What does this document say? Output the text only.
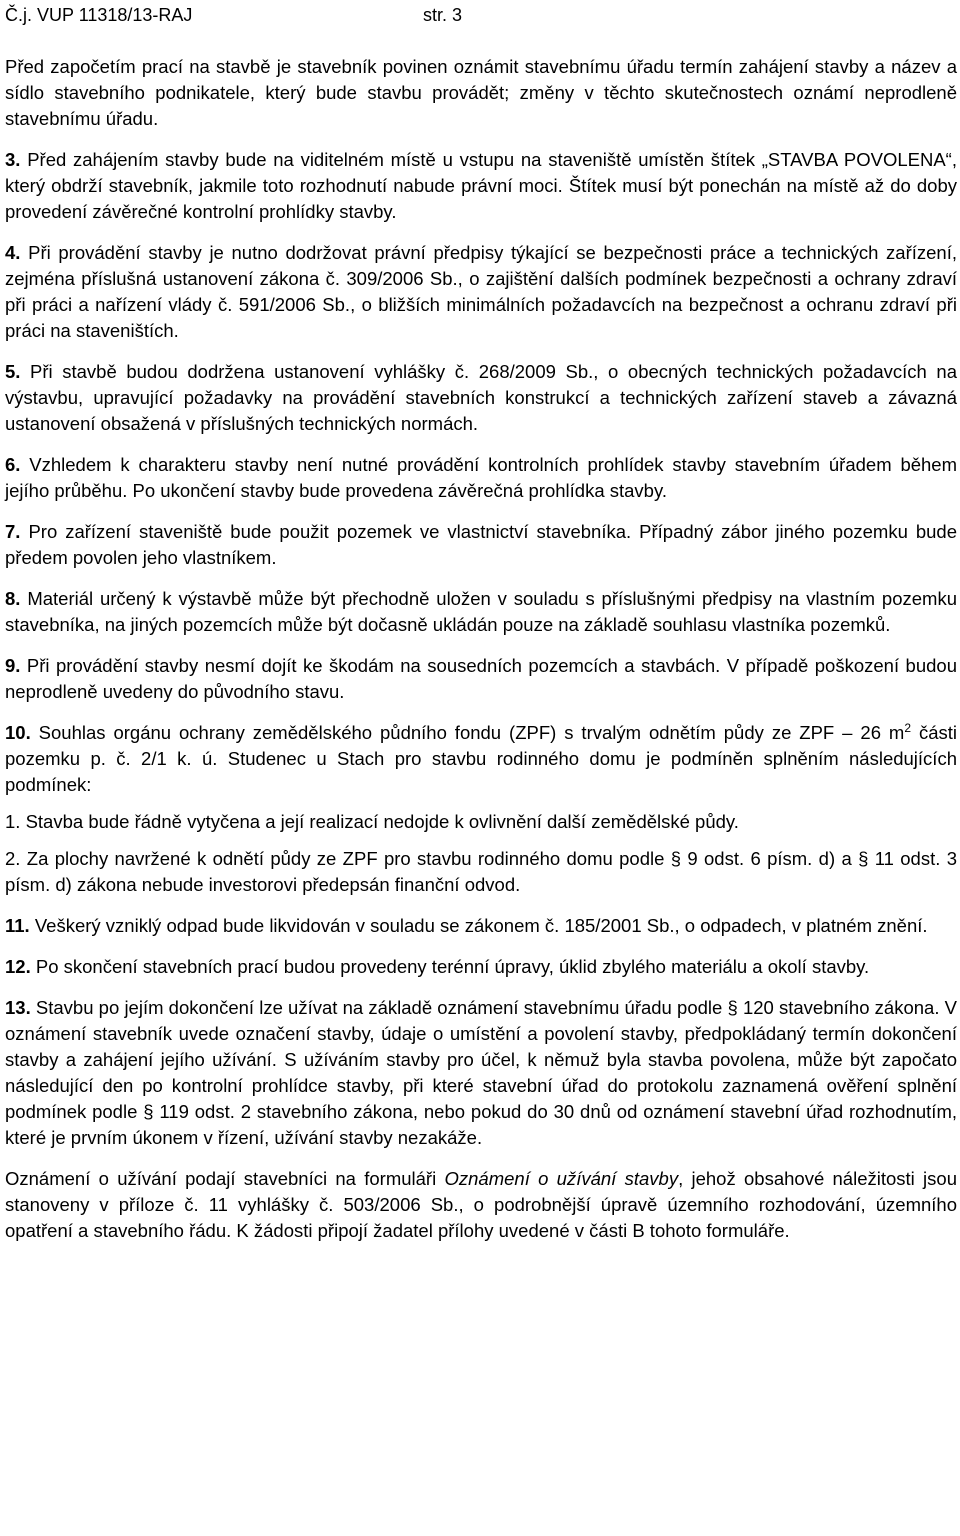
Č.j. VUP 11318/13-RAJ	str. 3

Před započetím prací na stavbě je stavebník povinen oznámit stavebnímu úřadu termín zahájení stavby a název a sídlo stavebního podnikatele, který bude stavbu provádět; změny v těchto skutečnostech oznámí neprodleně stavebnímu úřadu.

3. Před zahájením stavby bude na viditelném místě u vstupu na staveniště umístěn štítek „STAVBA POVOLENA“, který obdrží stavebník, jakmile toto rozhodnutí nabude právní moci. Štítek musí být ponechán na místě až do doby provedení závěrečné kontrolní prohlídky stavby.

4. Při provádění stavby je nutno dodržovat právní předpisy týkající se bezpečnosti práce a technických zařízení, zejména příslušná ustanovení zákona č. 309/2006 Sb., o zajištění dalších podmínek bezpečnosti a ochrany zdraví při práci a nařízení vlády č. 591/2006 Sb., o bližších minimálních požadavcích na bezpečnost a ochranu zdraví při práci na staveništích.

5. Při stavbě budou dodržena ustanovení vyhlášky č. 268/2009 Sb., o obecných technických požadavcích na výstavbu, upravující požadavky na provádění stavebních konstrukcí a technických zařízení staveb a závazná ustanovení obsažená v příslušných technických normách.

6. Vzhledem k charakteru stavby není nutné provádění kontrolních prohlídek stavby stavebním úřadem během jejího průběhu. Po ukončení stavby bude provedena závěrečná prohlídka stavby.

7. Pro zařízení staveniště bude použit pozemek ve vlastnictví stavebníka. Případný zábor jiného pozemku bude předem povolen jeho vlastníkem.

8. Materiál určený k výstavbě může být přechodně uložen v souladu s příslušnými předpisy na vlastním pozemku stavebníka, na jiných pozemcích může být dočasně ukládán pouze na základě souhlasu vlastníka pozemků.

9. Při provádění stavby nesmí dojít ke škodám na sousedních pozemcích a stavbách. V případě poškození budou neprodleně uvedeny do původního stavu.

10. Souhlas orgánu ochrany zemědělského půdního fondu (ZPF) s trvalým odnětím půdy ze ZPF – 26 $m^2$ části pozemku p. č. 2/1 k. ú. Studenec u Stach pro stavbu rodinného domu je podmíněn splněním následujících podmínek:

1. Stavba bude řádně vytyčena a její realizací nedojde k ovlivnění další zemědělské půdy.

2. Za plochy navržené k odnětí půdy ze ZPF pro stavbu rodinného domu podle § 9 odst. 6 písm. d) a § 11 odst. 3 písm. d) zákona nebude investorovi předepsán finanční odvod.

11. Veškerý vzniklý odpad bude likvidován v souladu se zákonem č. 185/2001 Sb., o odpadech, v platném znění.

12. Po skončení stavebních prací budou provedeny terénní úpravy, úklid zbylého materiálu a okolí stavby.

13. Stavbu po jejím dokončení lze užívat na základě oznámení stavebnímu úřadu podle § 120 stavebního zákona. V oznámení stavebník uvede označení stavby, údaje o umístění a povolení stavby, předpokládaný termín dokončení stavby a zahájení jejího užívání. S užíváním stavby pro účel, k němuž byla stavba povolena, může být započato následující den po kontrolní prohlídce stavby, při které stavební úřad do protokolu zaznamená ověření splnění podmínek podle § 119 odst. 2 stavebního zákona, nebo pokud do 30 dnů od oznámení stavební úřad rozhodnutím, které je prvním úkonem v řízení, užívání stavby nezakáže.

Oznámení o užívání podají stavebníci na formuláři Oznámení o užívání stavby, jehož obsahové náležitosti jsou stanoveny v příloze č. 11 vyhlášky č. 503/2006 Sb., o podrobnější úpravě územního rozhodování, územního opatření a stavebního řádu. K žádosti připojí žadatel přílohy uvedené v části B tohoto formuláře.
